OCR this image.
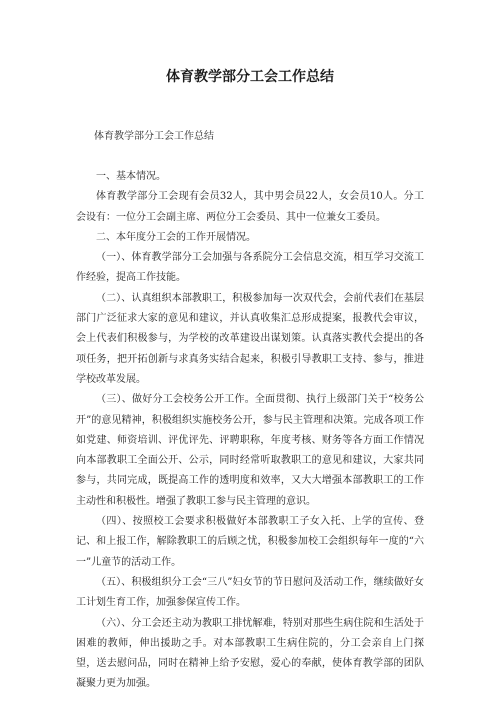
体育教学部分工会工作总结
体育教学部分工会工作总结

一、基本情况。

体育教学部分工会现有会员32人，其中男会员22人，女会员10人。分工会设有：一位分工会副主席、两位分工会委员、其中一位兼女工委员。

二、本年度分工会的工作开展情况。

（一）、体育教学部分工会加强与各系院分工会信息交流，相互学习交流工作经验，提高工作技能。

（二）、认真组织本部教职工，积极参加每一次双代会，会前代表们在基层部门广泛征求大家的意见和建议，并认真收集汇总形成提案，报教代会审议，会上代表们积极参与，为学校的改革建设出谋划策。认真落实教代会提出的各项任务，把开拓创新与求真务实结合起来，积极引导教职工支持、参与，推进学校改革发展。

（三）、做好分工会校务公开工作。全面贯彻、执行上级部门关于“校务公开”的意见精神，积极组织实施校务公开，参与民主管理和决策。完成各项工作如党建、师资培训、评优评先、评聘职称，年度考核、财务等各方面工作情况向本部教职工全面公开、公示，同时经常听取教职工的意见和建议，大家共同参与，共同完成，既提高工作的透明度和效率，又大大增强本部教职工的工作主动性和积极性。增强了教职工参与民主管理的意识。

（四）、按照校工会要求积极做好本部教职工子女入托、上学的宣传、登记、和上报工作，解除教职工的后顾之忧，积极参加校工会组织每年一度的“六一”儿童节的活动工作。

（五）、积极组织分工会“三八”妇女节的节日慰问及活动工作，继续做好女工计划生育工作，加强参保宣传工作。

（六）、分工会还主动为教职工排忧解难，特别对那些生病住院和生活处于困难的教师，伸出援助之手。对本部教职工生病住院的，分工会亲自上门探望，送去慰问品，同时在精神上给予安慰，爱心的奉献，使体育教学部的团队凝聚力更为加强。
